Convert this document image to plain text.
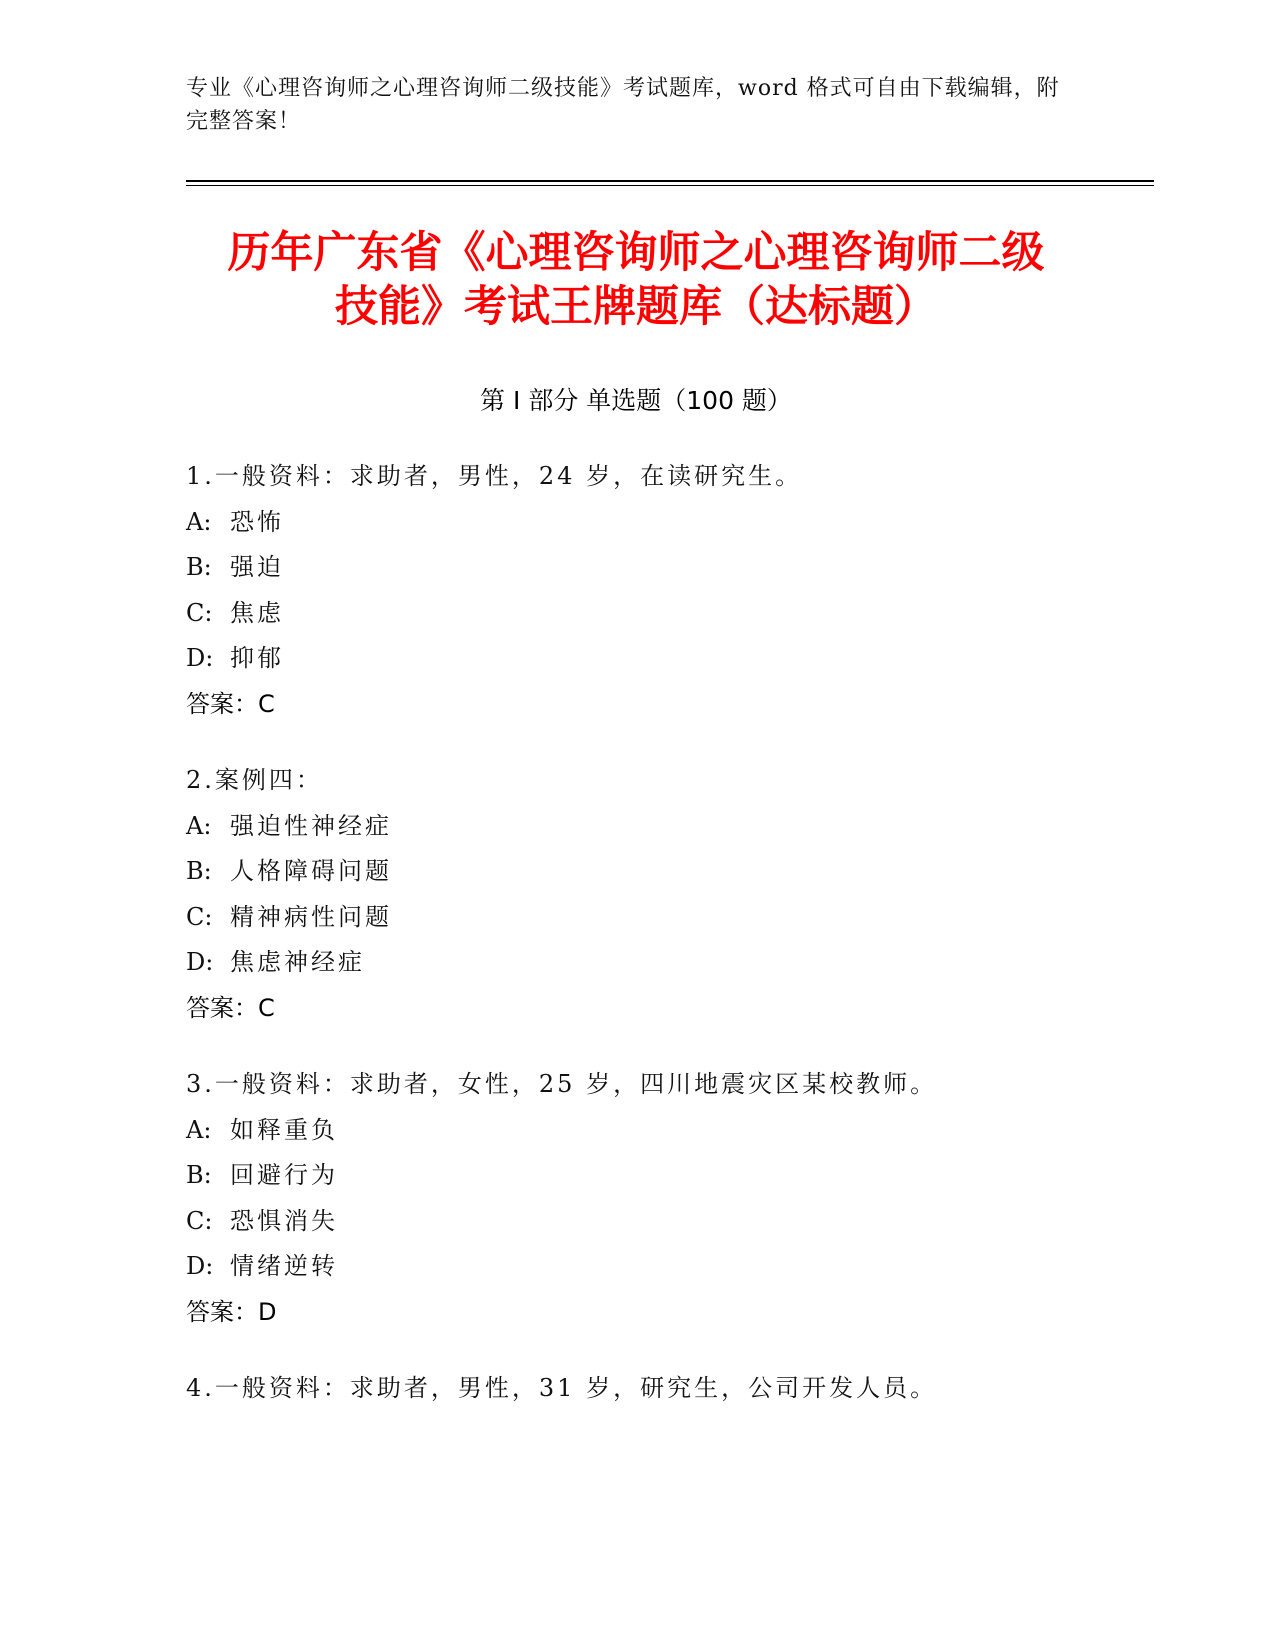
专业《心理咨询师之心理咨询师二级技能》考试题库，word 格式可自由下载编辑，附完整答案！
历年广东省《心理咨询师之心理咨询师二级
技能》考试王牌题库（达标题）
第 I 部分 单选题（100 题）
1.一般资料：求助者，男性，24 岁，在读研究生。
A: 恐怖
B: 强迫
C: 焦虑
D: 抑郁
答案：C
2.案例四：
A: 强迫性神经症
B: 人格障碍问题
C: 精神病性问题
D: 焦虑神经症
答案：C
3.一般资料：求助者，女性，25 岁，四川地震灾区某校教师。
A: 如释重负
B: 回避行为
C: 恐惧消失
D: 情绪逆转
答案：D
4.一般资料：求助者，男性，31 岁，研究生，公司开发人员。
